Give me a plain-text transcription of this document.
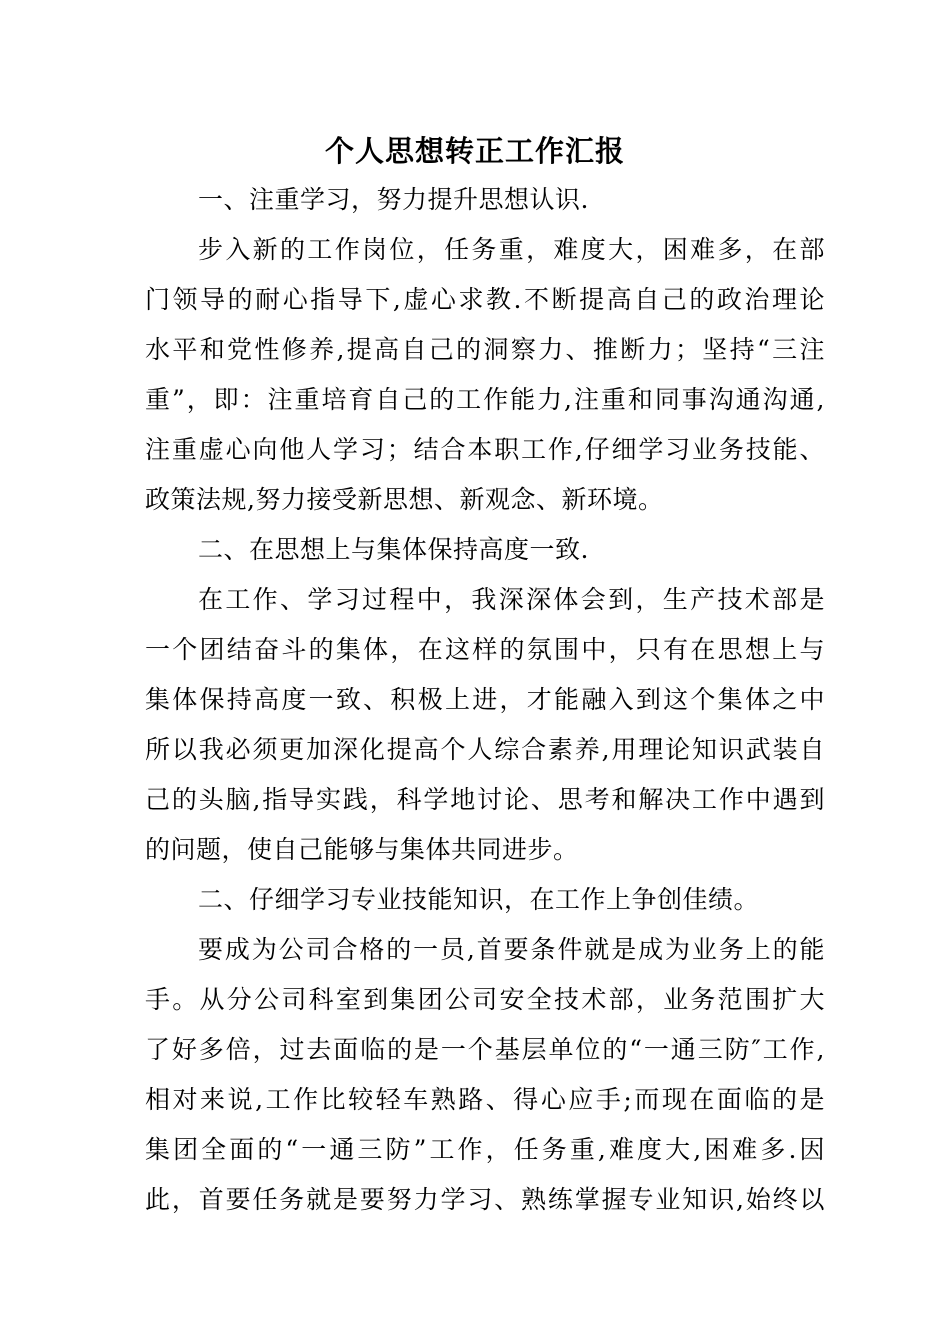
个人思想转正工作汇报
一、注重学习，努力提升思想认识.
步入新的工作岗位，任务重，难度大，困难多，在部
门领导的耐心指导下,虚心求教.不断提高自己的政治理论
水平和党性修养,提高自己的洞察力、推断力；坚持“三注
重”，即：注重培育自己的工作能力,注重和同事沟通沟通,
注重虚心向他人学习；结合本职工作,仔细学习业务技能、
政策法规,努力接受新思想、新观念、新环境。
二、在思想上与集体保持高度一致.
在工作、学习过程中，我深深体会到，生产技术部是
一个团结奋斗的集体，在这样的氛围中，只有在思想上与
集体保持高度一致、积极上进，才能融入到这个集体之中
所以我必须更加深化提高个人综合素养,用理论知识武装自
己的头脑,指导实践，科学地讨论、思考和解决工作中遇到
的问题，使自己能够与集体共同进步。
二、仔细学习专业技能知识，在工作上争创佳绩。
要成为公司合格的一员,首要条件就是成为业务上的能
手。从分公司科室到集团公司安全技术部，业务范围扩大
了好多倍，过去面临的是一个基层单位的“一通三防″工作,
相对来说,工作比较轻车熟路、得心应手;而现在面临的是
集团全面的“一通三防”工作，任务重,难度大,困难多.因
此，首要任务就是要努力学习、熟练掌握专业知识,始终以
